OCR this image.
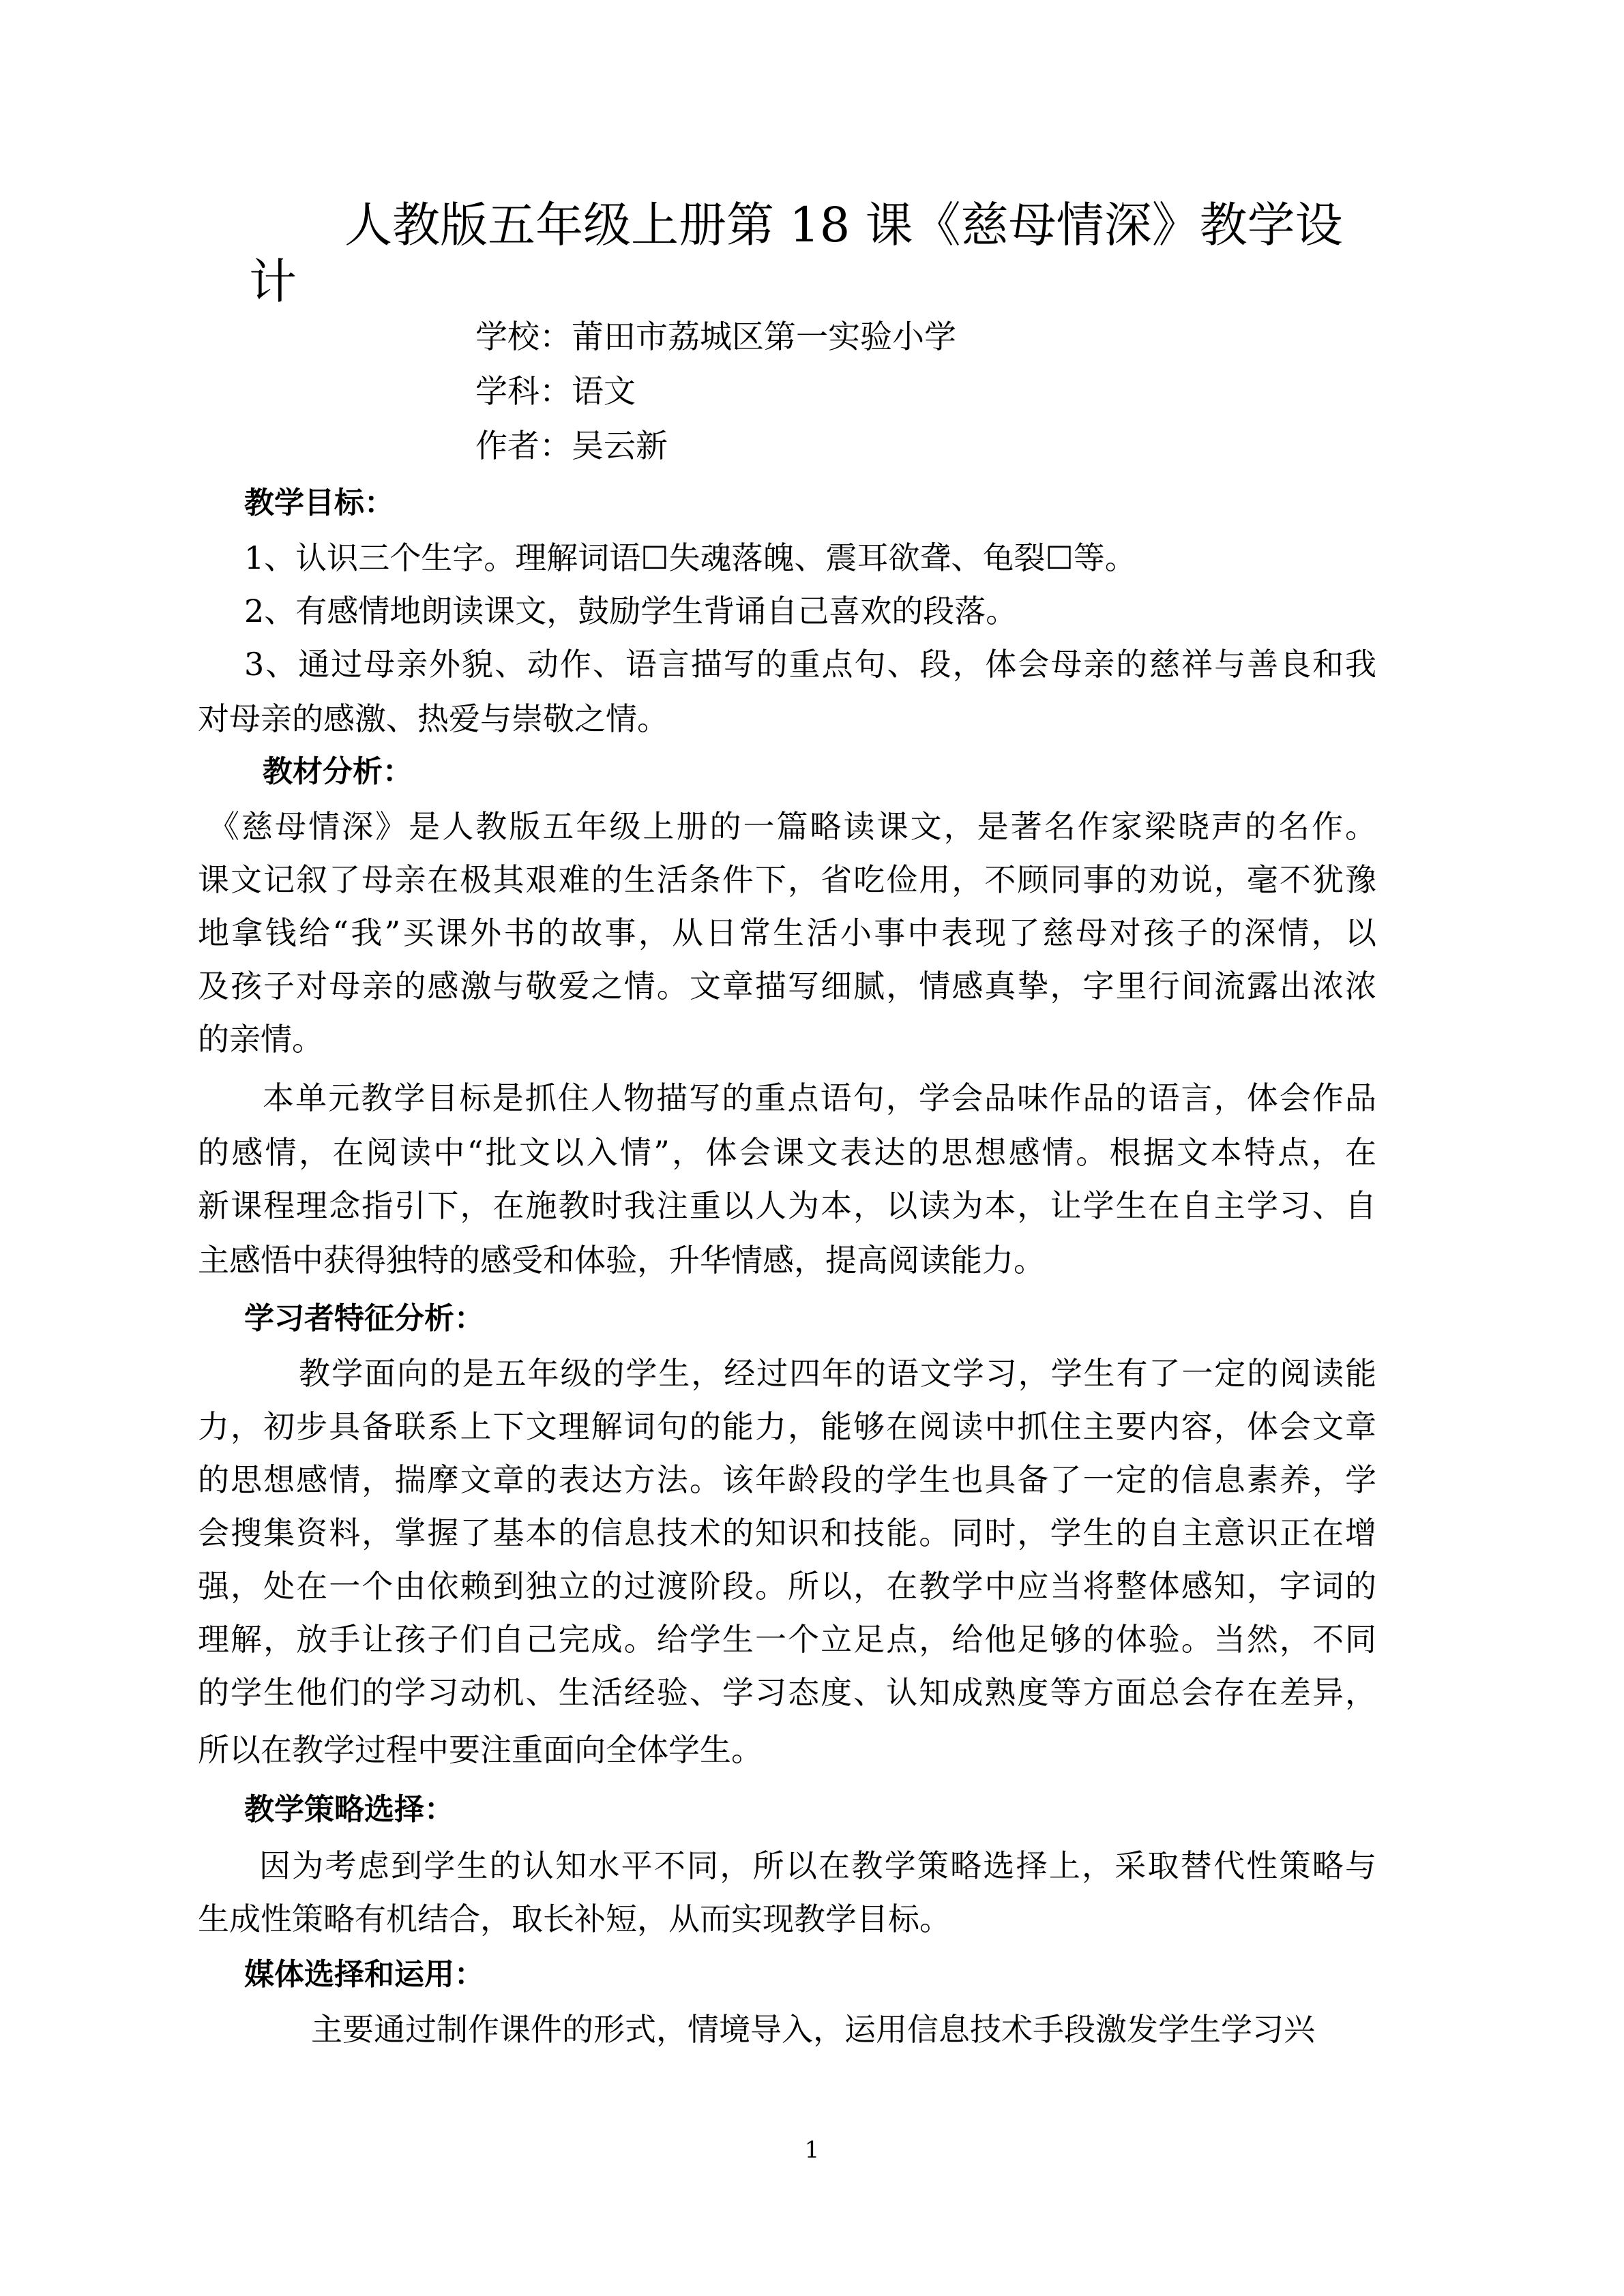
人教版五年级上册第 18 课《慈母情深》教学设
计
学校：莆田市荔城区第一实验小学
学科：语文
作者：吴云新
教学目标：
1、认识三个生字。理解词语☐失魂落魄、震耳欲聋、龟裂☐等。
2、有感情地朗读课文，鼓励学生背诵自己喜欢的段落。
3、通过母亲外貌、动作、语言描写的重点句、段，体会母亲的慈祥与善良和我
对母亲的感激、热爱与崇敬之情。
教材分析：
《慈母情深》是人教版五年级上册的一篇略读课文，是著名作家梁晓声的名作。
课文记叙了母亲在极其艰难的生活条件下，省吃俭用，不顾同事的劝说，毫不犹豫
地拿钱给“我”买课外书的故事，从日常生活小事中表现了慈母对孩子的深情，以
及孩子对母亲的感激与敬爱之情。文章描写细腻，情感真挚，字里行间流露出浓浓
的亲情。
本单元教学目标是抓住人物描写的重点语句，学会品味作品的语言，体会作品
的感情，在阅读中“批文以入情”，体会课文表达的思想感情。根据文本特点，在
新课程理念指引下，在施教时我注重以人为本，以读为本，让学生在自主学习、自
主感悟中获得独特的感受和体验，升华情感，提高阅读能力。
学习者特征分析：
教学面向的是五年级的学生，经过四年的语文学习，学生有了一定的阅读能
力，初步具备联系上下文理解词句的能力，能够在阅读中抓住主要内容，体会文章
的思想感情，揣摩文章的表达方法。该年龄段的学生也具备了一定的信息素养，学
会搜集资料，掌握了基本的信息技术的知识和技能。同时，学生的自主意识正在增
强，处在一个由依赖到独立的过渡阶段。所以，在教学中应当将整体感知，字词的
理解，放手让孩子们自己完成。给学生一个立足点，给他足够的体验。当然，不同
的学生他们的学习动机、生活经验、学习态度、认知成熟度等方面总会存在差异，
所以在教学过程中要注重面向全体学生。
教学策略选择：
因为考虑到学生的认知水平不同，所以在教学策略选择上，采取替代性策略与
生成性策略有机结合，取长补短，从而实现教学目标。
媒体选择和运用：
主要通过制作课件的形式，情境导入，运用信息技术手段激发学生学习兴
1
